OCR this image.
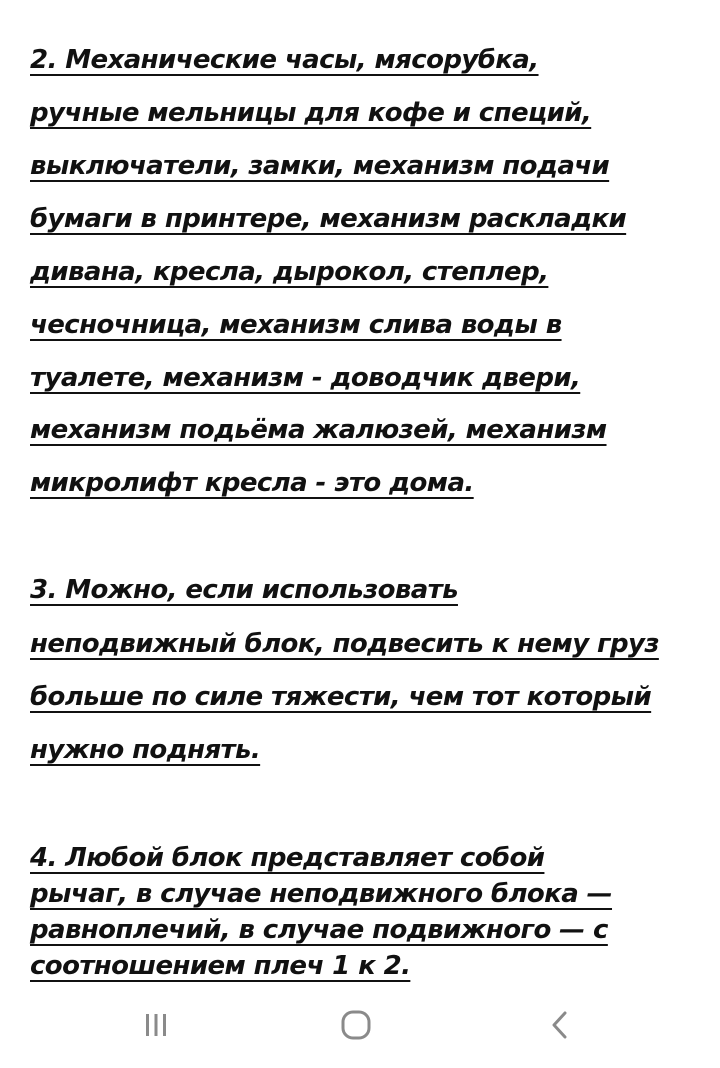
2. Механические часы, мясорубка,
ручные мельницы для кофе и специй,
выключатели, замки, механизм подачи
бумаги в принтере, механизм раскладки
дивана, кресла, дырокол, степлер,
чесночница, механизм слива воды в
туалете, механизм - доводчик двери,
механизм подьёма жалюзей, механизм
микролифт кресла - это дома.
3. Можно, если использовать
неподвижный блок, подвесить к нему груз
больше по силе тяжести, чем тот который
нужно поднять.
4. Любой блок представляет собой
рычаг, в случае неподвижного блока —
равноплечий, в случае подвижного — с
соотношением плеч 1 к 2.
